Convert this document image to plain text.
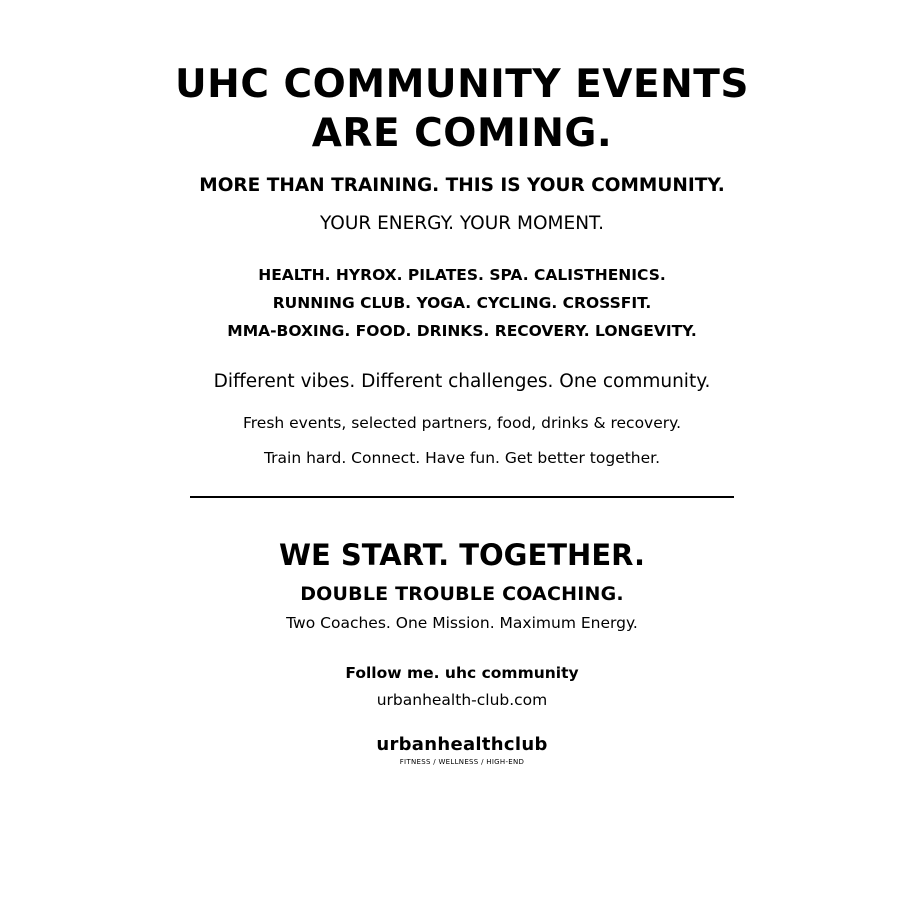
UHC COMMUNITY EVENTS
ARE COMING.
MORE THAN TRAINING. THIS IS YOUR COMMUNITY.
YOUR ENERGY. YOUR MOMENT.
HEALTH. HYROX. PILATES. SPA. CALISTHENICS.
RUNNING CLUB. YOGA. CYCLING. CROSSFIT.
MMA-BOXING. FOOD. DRINKS. RECOVERY. LONGEVITY.
Different vibes. Different challenges. One community.
Fresh events, selected partners, food, drinks & recovery.
Train hard. Connect. Have fun. Get better together.
WE START. TOGETHER.
DOUBLE TROUBLE COACHING.
Two Coaches. One Mission. Maximum Energy.
Follow me. uhc community
urbanhealth-club.com
urbanhealthclub
FITNESS / WELLNESS / HIGH-END
